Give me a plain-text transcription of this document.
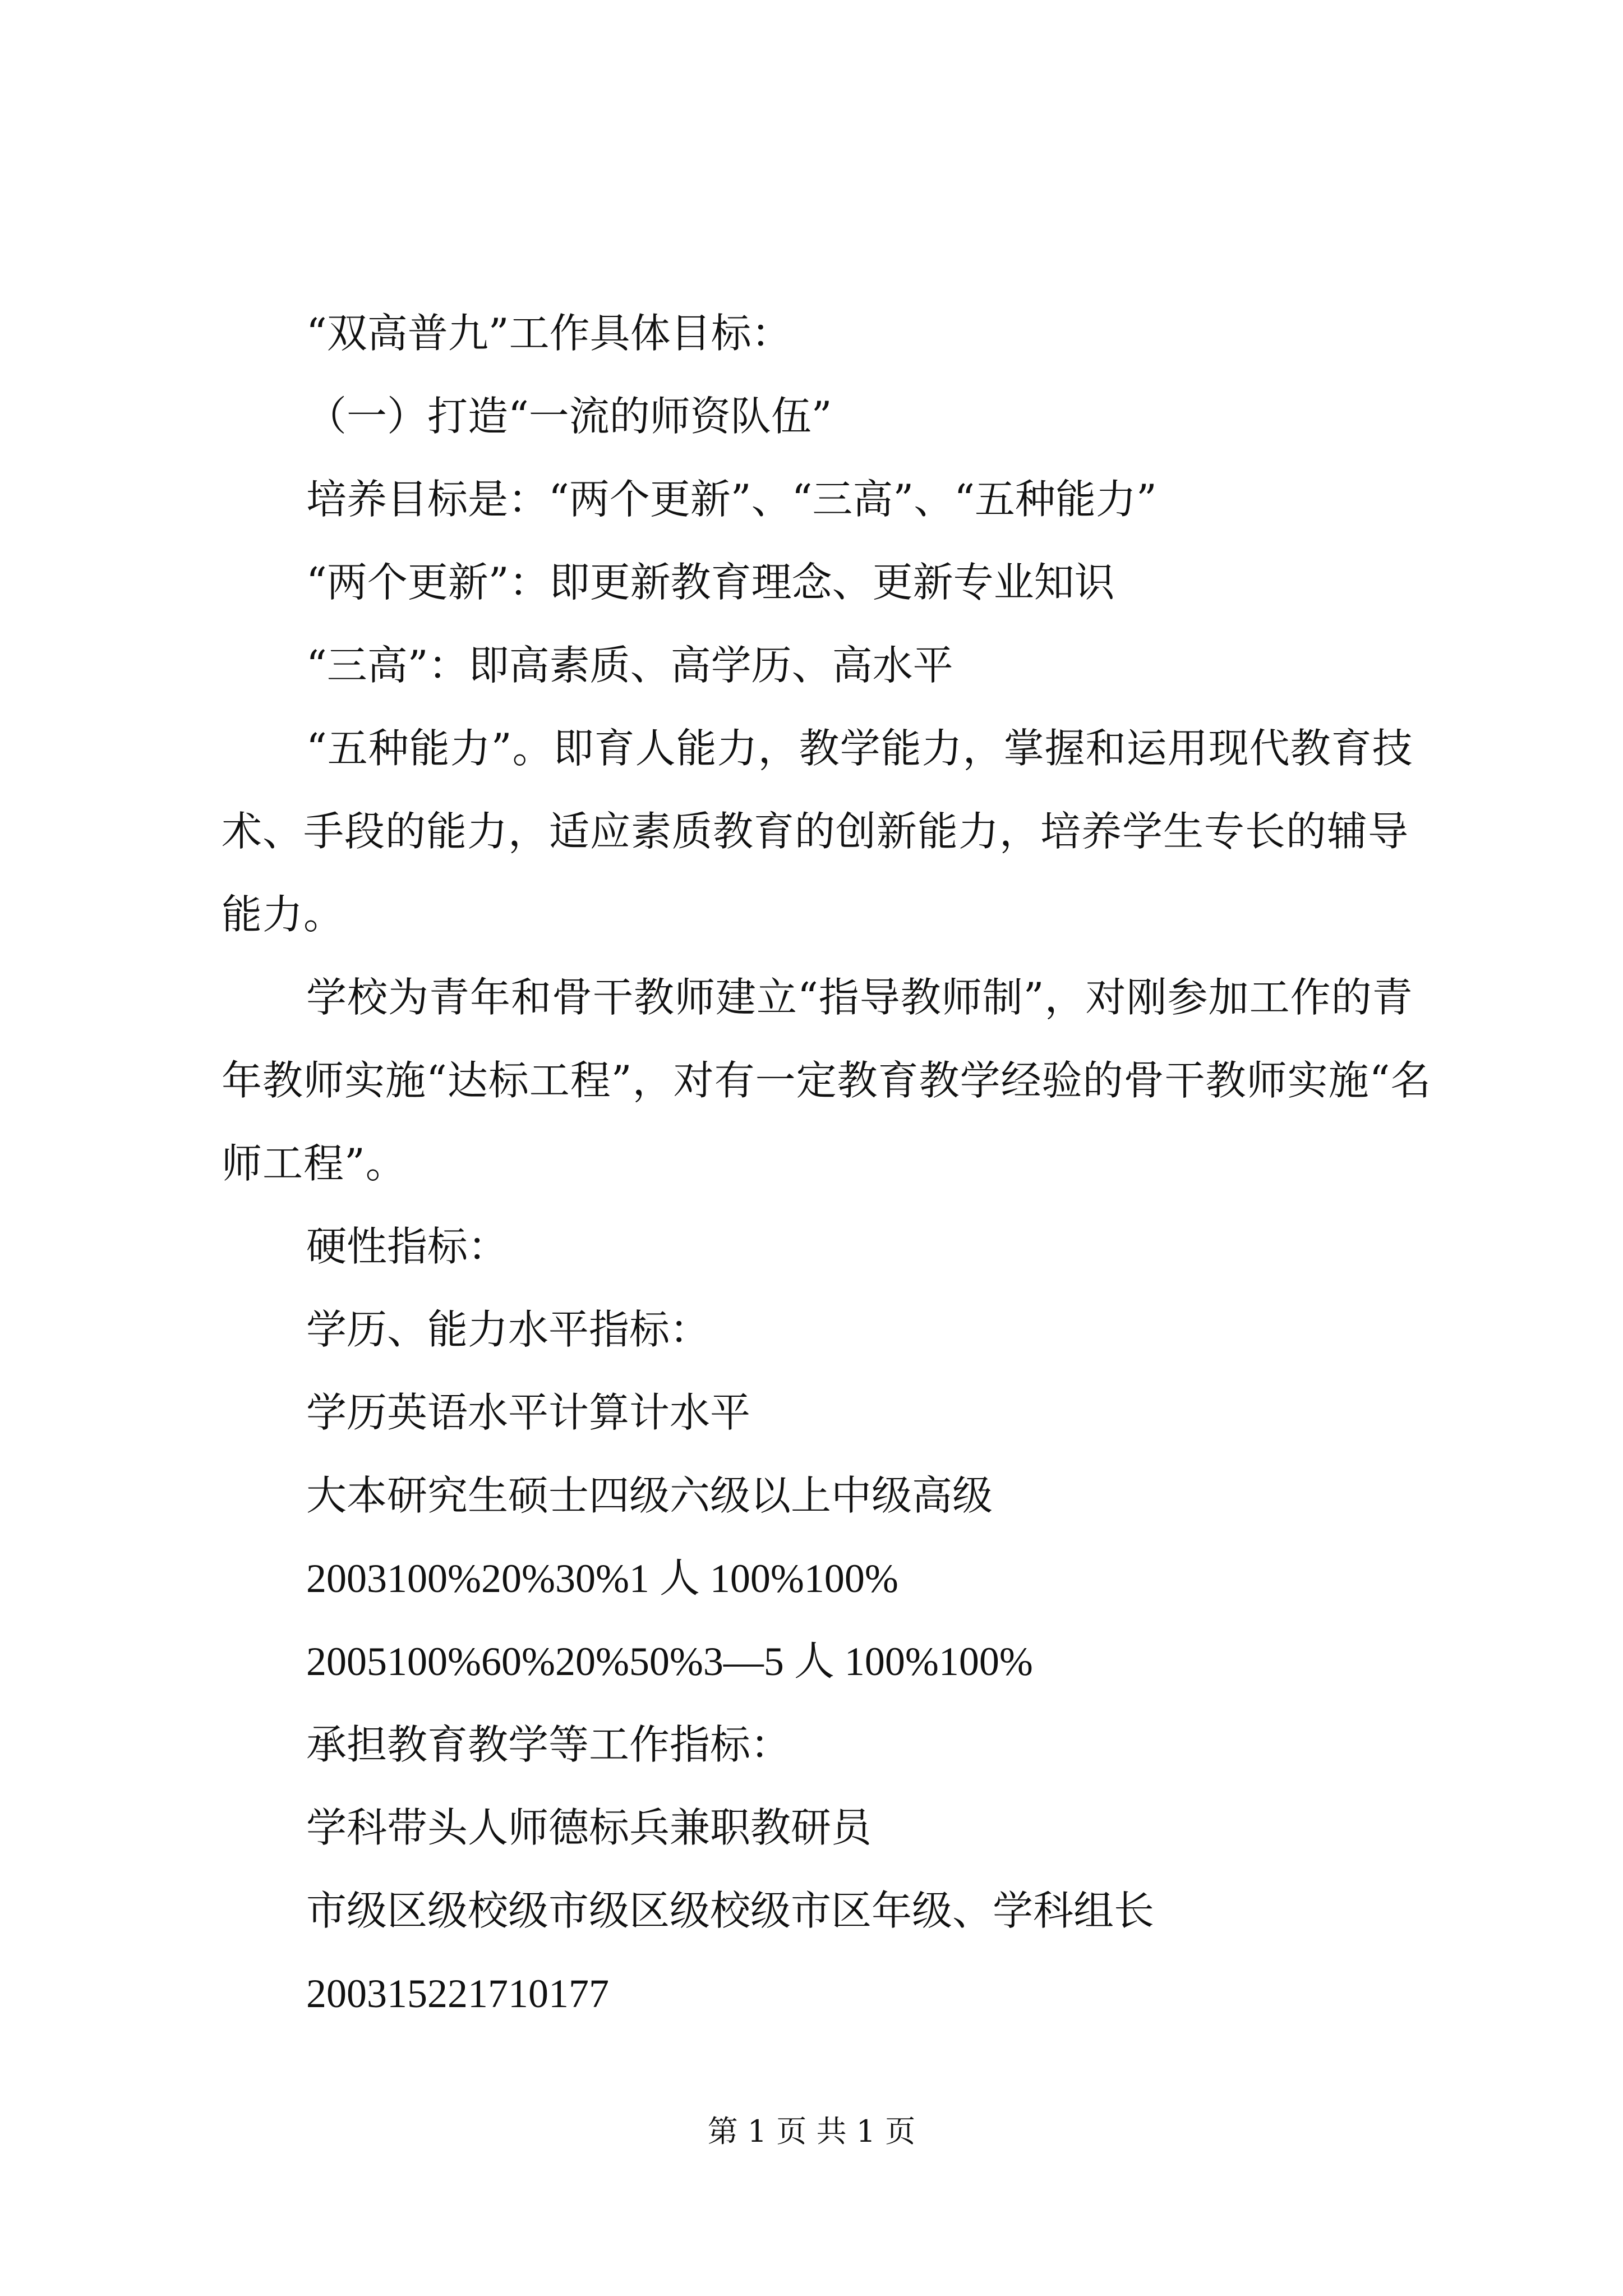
“双高普九”工作具体目标：

（一）打造“一流的师资队伍”

培养目标是：“两个更新”、“三高”、“五种能力”

“两个更新”：即更新教育理念、更新专业知识

“三高”：即高素质、高学历、高水平

“五种能力”。即育人能力，教学能力，掌握和运用现代教育技术、手段的能力，适应素质教育的创新能力，培养学生专长的辅导能力。

学校为青年和骨干教师建立“指导教师制”，对刚参加工作的青年教师实施“达标工程”，对有一定教育教学经验的骨干教师实施“名师工程”。

硬性指标：

学历、能力水平指标：

学历英语水平计算计水平

大本研究生硕士四级六级以上中级高级

2003100%20%30%1 人 100%100%

2005100%60%20%50%3—5 人 100%100%

承担教育教学等工作指标：

学科带头人师德标兵兼职教研员

市级区级校级市级区级校级市区年级、学科组长

200315221710177

第 1 页 共 1 页
